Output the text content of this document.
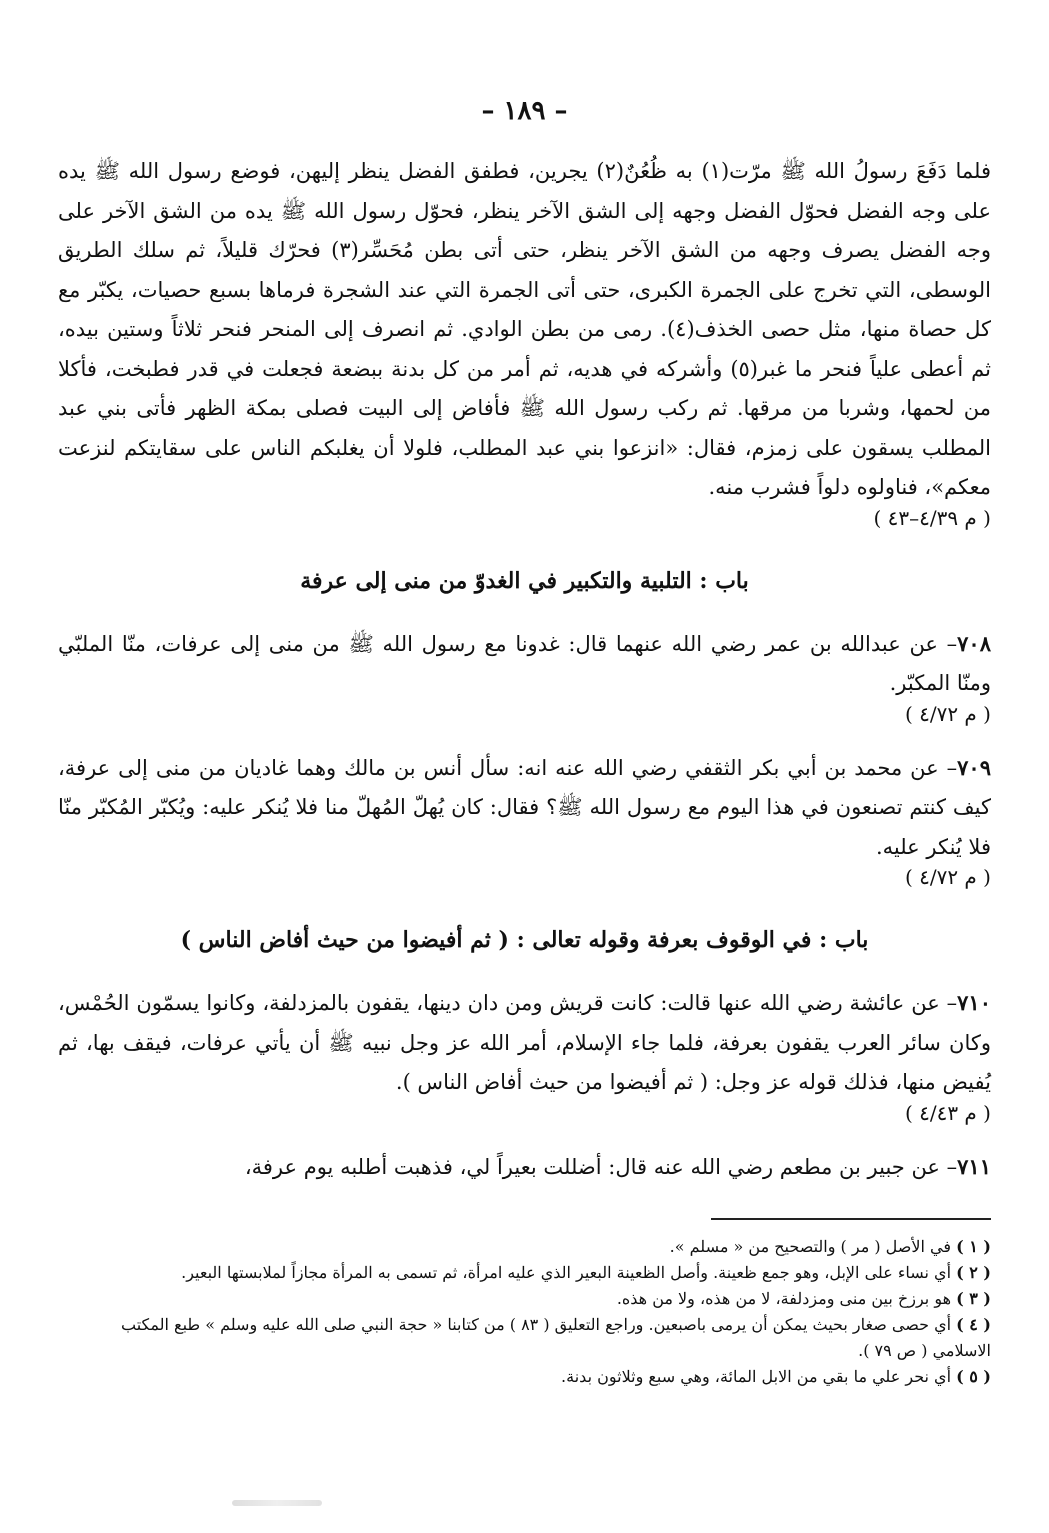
– ١٨٩ –

فلما دَفَعَ رسولُ الله ﷺ مرّت(١) به ظُعُنٌ(٢) يجرين، فطفق الفضل ينظر إليهن، فوضع رسول الله ﷺ يده على وجه الفضل فحوّل الفضل وجهه إلى الشق الآخر ينظر، فحوّل رسول الله ﷺ يده من الشق الآخر على وجه الفضل يصرف وجهه من الشق الآخر ينظر، حتى أتى بطن مُحَسِّر(٣) فحرّك قليلاً، ثم سلك الطريق الوسطى، التي تخرج على الجمرة الكبرى، حتى أتى الجمرة التي عند الشجرة فرماها بسبع حصيات، يكبّر مع كل حصاة منها، مثل حصى الخذف(٤). رمى من بطن الوادي. ثم انصرف إلى المنحر فنحر ثلاثاً وستين بيده، ثم أعطى علياً فنحر ما غبر(٥) وأشركه في هديه، ثم أمر من كل بدنة ببضعة فجعلت في قدر فطبخت، فأكلا من لحمها، وشربا من مرقها. ثم ركب رسول الله ﷺ فأفاض إلى البيت فصلى بمكة الظهر فأتى بني عبد المطلب يسقون على زمزم، فقال: «انزعوا بني عبد المطلب، فلولا أن يغلبكم الناس على سقايتكم لنزعت معكم»، فناولوه دلواً فشرب منه.
( م ٤/٣٩–٤٣ )

باب : التلبية والتكبير في الغدوّ من منى إلى عرفة

٧٠٨– عن عبدالله بن عمر رضي الله عنهما قال: غدونا مع رسول الله ﷺ من منى إلى عرفات، منّا الملبّي ومنّا المكبّر.
( م ٤/٧٢ )

٧٠٩– عن محمد بن أبي بكر الثقفي رضي الله عنه انه: سأل أنس بن مالك وهما غاديان من منى إلى عرفة، كيف كنتم تصنعون في هذا اليوم مع رسول الله ﷺ؟ فقال: كان يُهلّ المُهلّ منا فلا يُنكر عليه: ويُكبّر المُكبّر منّا فلا يُنكر عليه.
( م ٤/٧٢ )

باب : في الوقوف بعرفة وقوله تعالى : ( ثم أفيضوا من حيث أفاض الناس )

٧١٠– عن عائشة رضي الله عنها قالت: كانت قريش ومن دان دينها، يقفون بالمزدلفة، وكانوا يسمّون الحُمْس، وكان سائر العرب يقفون بعرفة، فلما جاء الإسلام، أمر الله عز وجل نبيه ﷺ أن يأتي عرفات، فيقف بها، ثم يُفيض منها، فذلك قوله عز وجل: ( ثم أفيضوا من حيث أفاض الناس ).
( م ٤/٤٣ )

٧١١– عن جبير بن مطعم رضي الله عنه قال: أضللت بعيراً لي، فذهبت أطلبه يوم عرفة،

( ١ ) في الأصل ( مر ) والتصحيح من « مسلم ».

( ٢ ) أي نساء على الإبل، وهو جمع ظعينة. وأصل الظعينة البعير الذي عليه امرأة، ثم تسمى به المرأة مجازاً لملابستها البعير.

( ٣ ) هو برزخ بين منى ومزدلفة، لا من هذه، ولا من هذه.

( ٤ ) أي حصى صغار بحيث يمكن أن يرمى باصبعين. وراجع التعليق ( ٨٣ ) من كتابنا « حجة النبي صلى الله عليه وسلم » طبع المكتب الاسلامي ( ص ٧٩ ).

( ٥ ) أي نحر علي ما بقي من الابل المائة، وهي سبع وثلاثون بدنة.
